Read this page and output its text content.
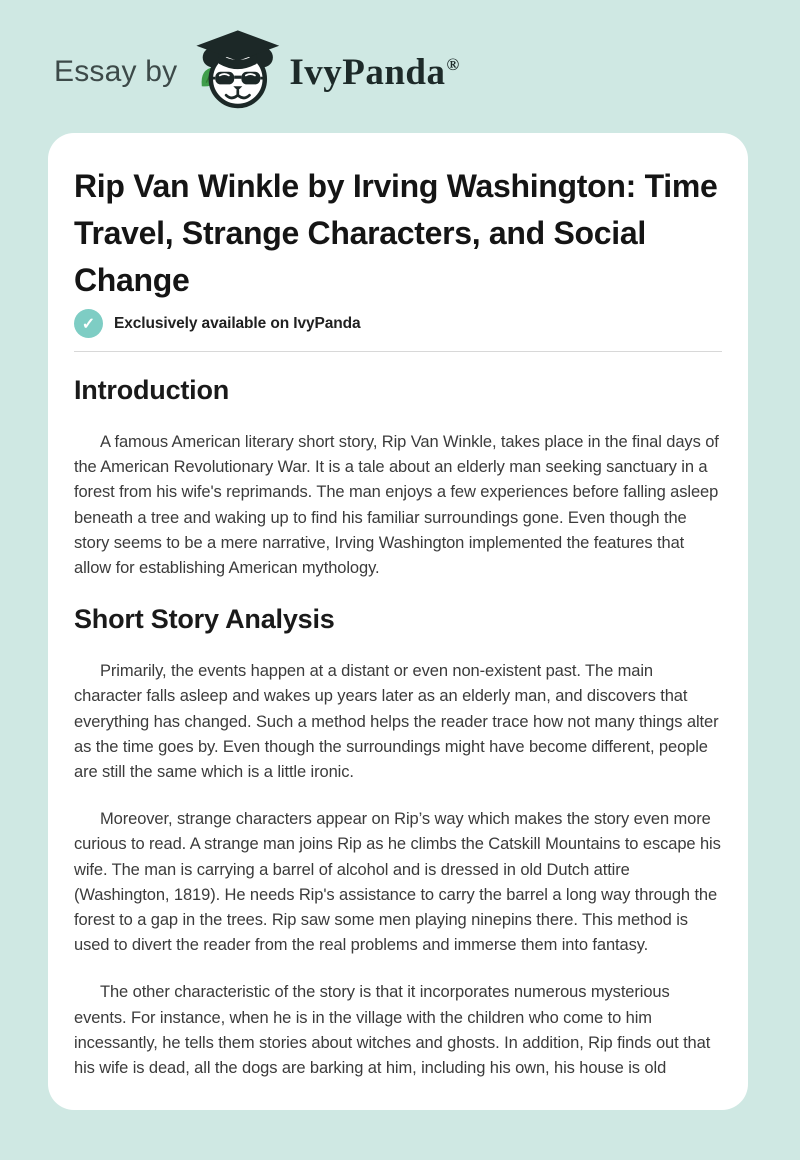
Essay by	IvyPanda®
Rip Van Winkle by Irving Washington: Time Travel, Strange Characters, and Social Change
✓	Exclusively available on IvyPanda
Introduction

A famous American literary short story, Rip Van Winkle, takes place in the final days of the American Revolutionary War. It is a tale about an elderly man seeking sanctuary in a forest from his wife's reprimands. The man enjoys a few experiences before falling asleep beneath a tree and waking up to find his familiar surroundings gone. Even though the story seems to be a mere narrative, Irving Washington implemented the features that allow for establishing American mythology.

Short Story Analysis

Primarily, the events happen at a distant or even non-existent past. The main character falls asleep and wakes up years later as an elderly man, and discovers that everything has changed. Such a method helps the reader trace how not many things alter as the time goes by. Even though the surroundings might have become different, people are still the same which is a little ironic.

Moreover, strange characters appear on Rip’s way which makes the story even more curious to read. A strange man joins Rip as he climbs the Catskill Mountains to escape his wife. The man is carrying a barrel of alcohol and is dressed in old Dutch attire (Washington, 1819). He needs Rip's assistance to carry the barrel a long way through the forest to a gap in the trees. Rip saw some men playing ninepins there. This method is used to divert the reader from the real problems and immerse them into fantasy.

The other characteristic of the story is that it incorporates numerous mysterious events. For instance, when he is in the village with the children who come to him incessantly, he tells them stories about witches and ghosts. In addition, Rip finds out that his wife is dead, all the dogs are barking at him, including his own, his house is old
